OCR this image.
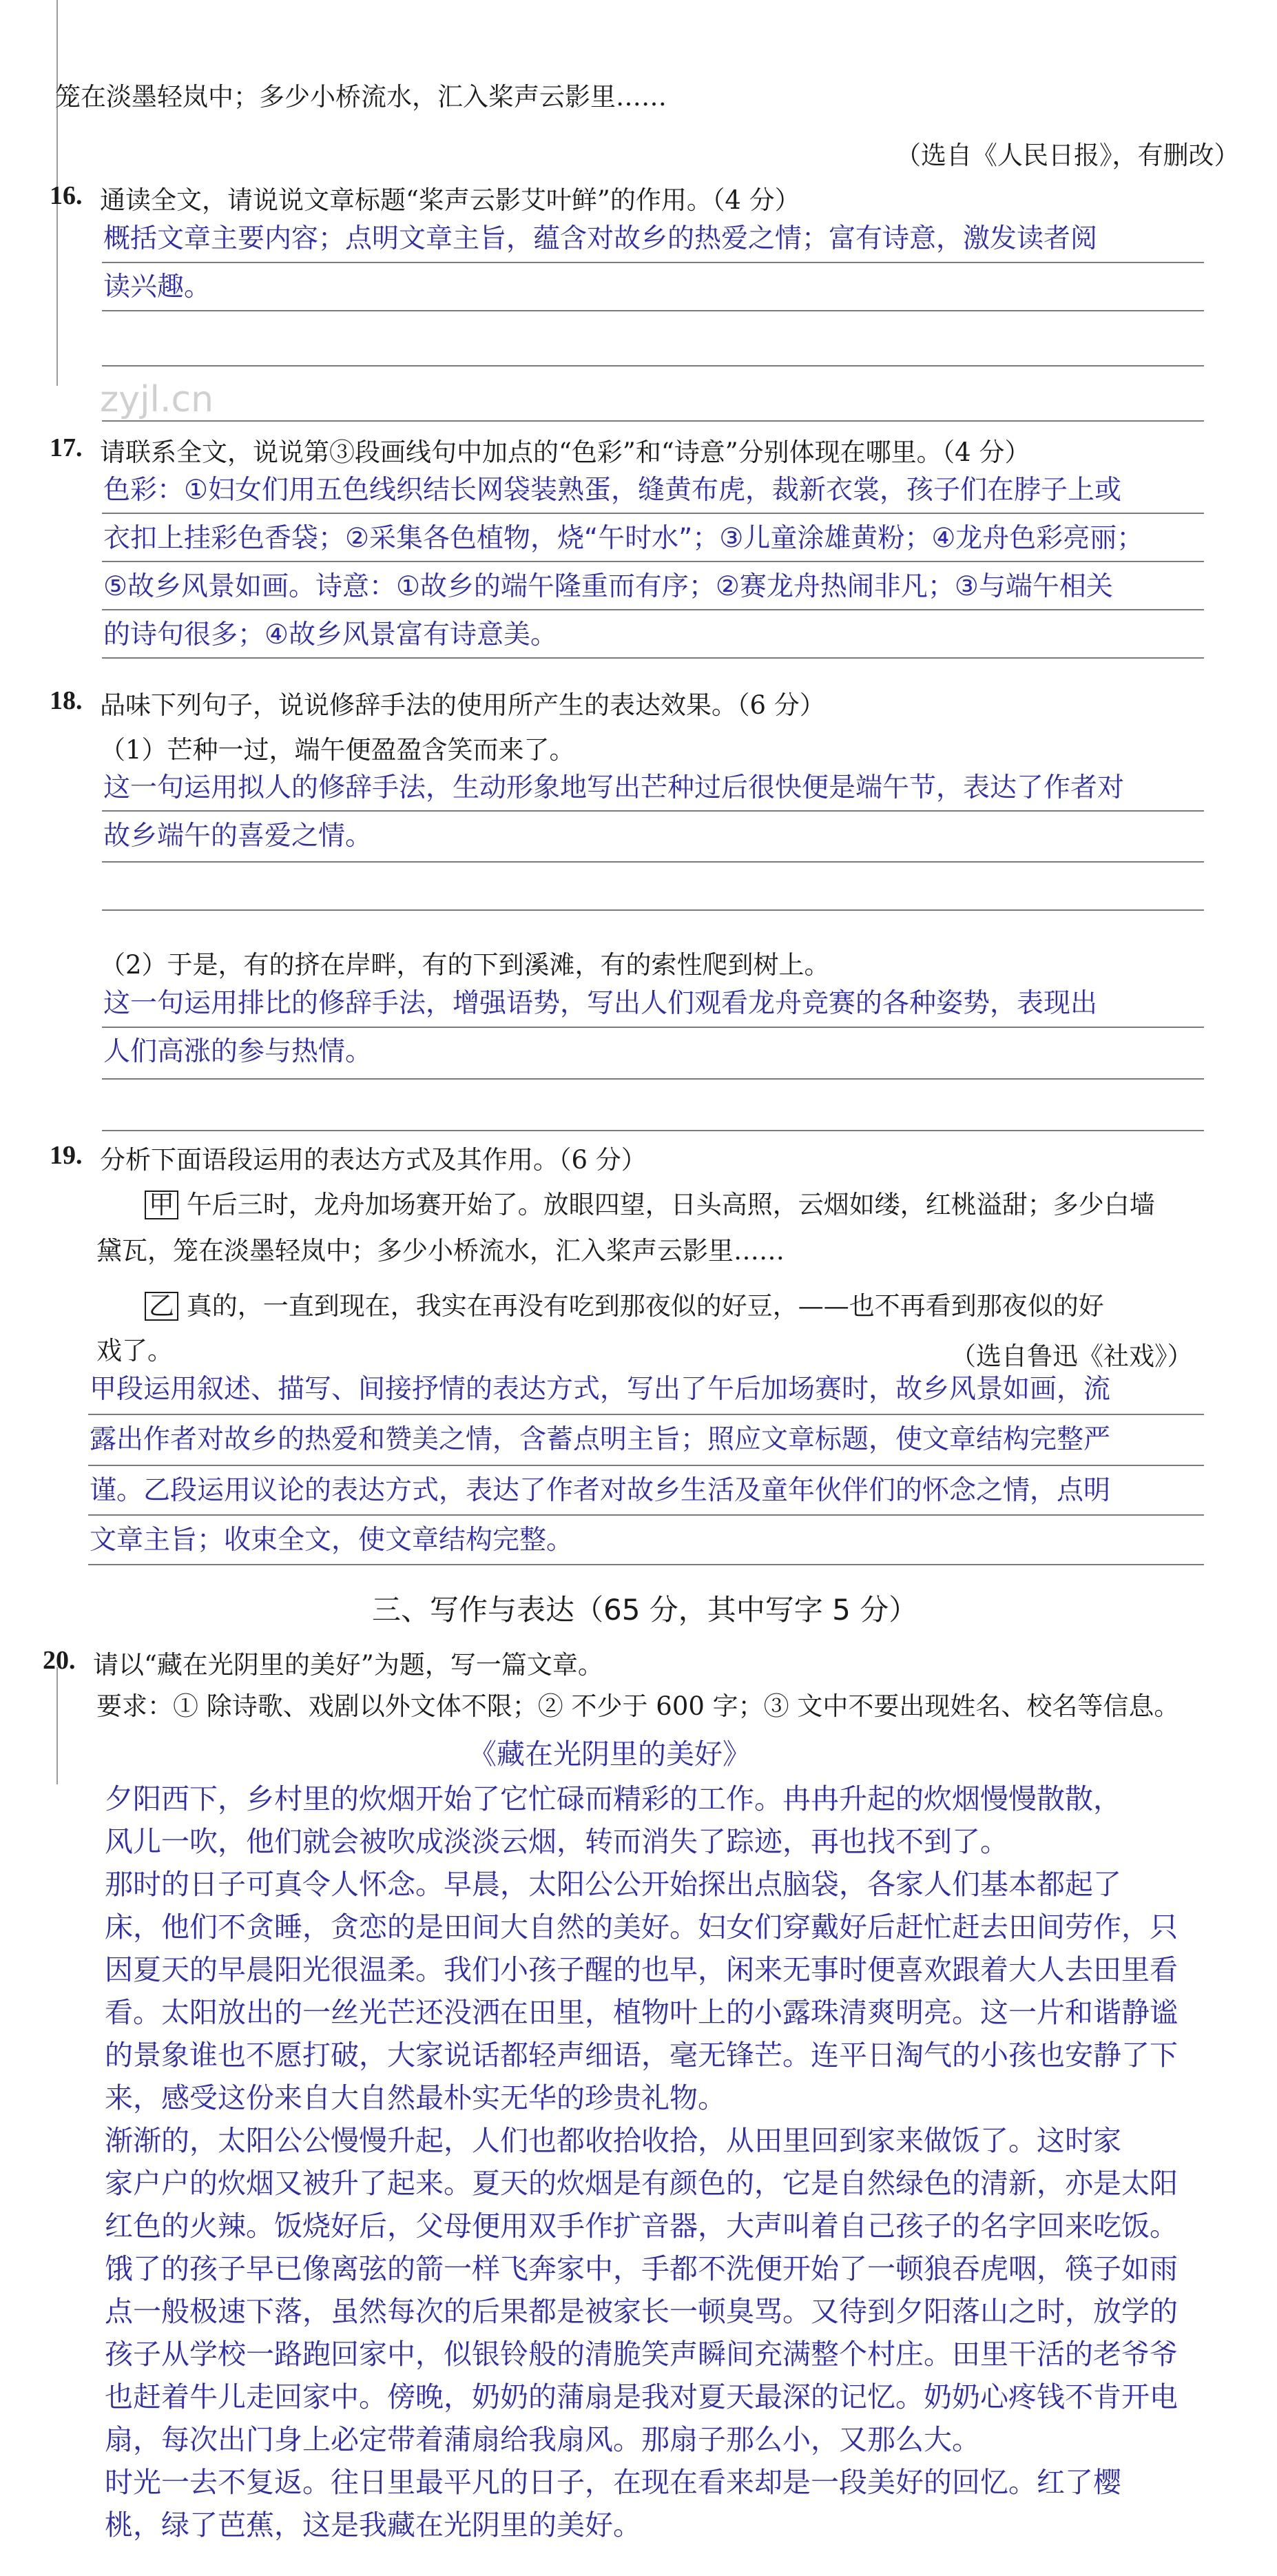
笼在淡墨轻岚中；多少小桥流水，汇入桨声云影里……
（选自《人民日报》，有删改）
16. 通读全文，请说说文章标题“桨声云影艾叶鲜”的作用。（4 分）
概括文章主要内容；点明文章主旨，蕴含对故乡的热爱之情；富有诗意，激发读者阅
读兴趣。
zyjl.cn
17. 请联系全文，说说第③段画线句中加点的“色彩”和“诗意”分别体现在哪里。（4 分）
色彩：①妇女们用五色线织结长网袋装熟蛋，缝黄布虎，裁新衣裳，孩子们在脖子上或
衣扣上挂彩色香袋；②采集各色植物，烧“午时水”；③儿童涂雄黄粉；④龙舟色彩亮丽；
⑤故乡风景如画。诗意：①故乡的端午隆重而有序；②赛龙舟热闹非凡；③与端午相关
的诗句很多；④故乡风景富有诗意美。
18. 品味下列句子，说说修辞手法的使用所产生的表达效果。（6 分）
（1）芒种一过，端午便盈盈含笑而来了。
这一句运用拟人的修辞手法，生动形象地写出芒种过后很快便是端午节，表达了作者对
故乡端午的喜爱之情。
（2）于是，有的挤在岸畔，有的下到溪滩，有的索性爬到树上。
这一句运用排比的修辞手法，增强语势，写出人们观看龙舟竞赛的各种姿势，表现出
人们高涨的参与热情。
19. 分析下面语段运用的表达方式及其作用。（6 分）
甲 午后三时，龙舟加场赛开始了。放眼四望，日头高照，云烟如缕，红桃溢甜；多少白墙
黛瓦，笼在淡墨轻岚中；多少小桥流水，汇入桨声云影里……
乙 真的，一直到现在，我实在再没有吃到那夜似的好豆，——也不再看到那夜似的好
戏了。	（选自鲁迅《社戏》）
甲段运用叙述、描写、间接抒情的表达方式，写出了午后加场赛时，故乡风景如画，流
露出作者对故乡的热爱和赞美之情，含蓄点明主旨；照应文章标题，使文章结构完整严
谨。乙段运用议论的表达方式，表达了作者对故乡生活及童年伙伴们的怀念之情，点明
文章主旨；收束全文，使文章结构完整。
三、写作与表达（65 分，其中写字 5 分）
20. 请以“藏在光阴里的美好”为题，写一篇文章。
要求：① 除诗歌、戏剧以外文体不限；② 不少于 600 字；③ 文中不要出现姓名、校名等信息。
《藏在光阴里的美好》
夕阳西下，乡村里的炊烟开始了它忙碌而精彩的工作。冉冉升起的炊烟慢慢散散，
风儿一吹，他们就会被吹成淡淡云烟，转而消失了踪迹，再也找不到了。
那时的日子可真令人怀念。早晨，太阳公公开始探出点脑袋，各家人们基本都起了
床，他们不贪睡，贪恋的是田间大自然的美好。妇女们穿戴好后赶忙赶去田间劳作，只
因夏天的早晨阳光很温柔。我们小孩子醒的也早，闲来无事时便喜欢跟着大人去田里看
看。太阳放出的一丝光芒还没洒在田里，植物叶上的小露珠清爽明亮。这一片和谐静谧
的景象谁也不愿打破，大家说话都轻声细语，毫无锋芒。连平日淘气的小孩也安静了下
来，感受这份来自大自然最朴实无华的珍贵礼物。
渐渐的，太阳公公慢慢升起，人们也都收拾收拾，从田里回到家来做饭了。这时家
家户户的炊烟又被升了起来。夏天的炊烟是有颜色的，它是自然绿色的清新，亦是太阳
红色的火辣。饭烧好后，父母便用双手作扩音器，大声叫着自己孩子的名字回来吃饭。
饿了的孩子早已像离弦的箭一样飞奔家中，手都不洗便开始了一顿狼吞虎咽，筷子如雨
点一般极速下落，虽然每次的后果都是被家长一顿臭骂。又待到夕阳落山之时，放学的
孩子从学校一路跑回家中，似银铃般的清脆笑声瞬间充满整个村庄。田里干活的老爷爷
也赶着牛儿走回家中。傍晚，奶奶的蒲扇是我对夏天最深的记忆。奶奶心疼钱不肯开电
扇，每次出门身上必定带着蒲扇给我扇风。那扇子那么小，又那么大。
时光一去不复返。往日里最平凡的日子，在现在看来却是一段美好的回忆。红了樱
桃，绿了芭蕉，这是我藏在光阴里的美好。
